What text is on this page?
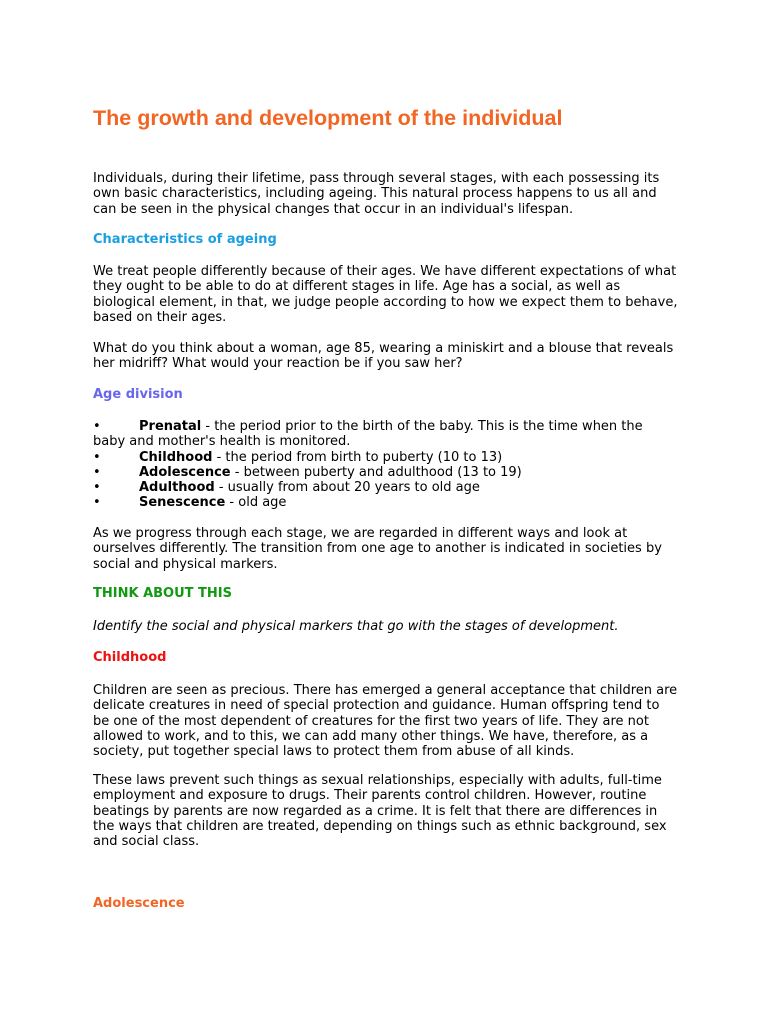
The growth and development of the individual

Individuals, during their lifetime, pass through several stages, with each possessing its
own basic characteristics, including ageing. This natural process happens to us all and
can be seen in the physical changes that occur in an individual's lifespan.

Characteristics of ageing

We treat people differently because of their ages. We have different expectations of what
they ought to be able to do at different stages in life. Age has a social, as well as
biological element, in that, we judge people according to how we expect them to behave,
based on their ages.

What do you think about a woman, age 85, wearing a miniskirt and a blouse that reveals
her midriff? What would your reaction be if you saw her?

Age division
•	Prenatal - the period prior to the birth of the baby. This is the time when the
baby and mother's health is monitored.
•	Childhood - the period from birth to puberty (10 to 13)
•	Adolescence - between puberty and adulthood (13 to 19)
•	Adulthood - usually from about 20 years to old age
•	Senescence - old age

As we progress through each stage, we are regarded in different ways and look at
ourselves differently. The transition from one age to another is indicated in societies by
social and physical markers.

THINK ABOUT THIS

Identify the social and physical markers that go with the stages of development.

Childhood

Children are seen as precious. There has emerged a general acceptance that children are
delicate creatures in need of special protection and guidance. Human offspring tend to
be one of the most dependent of creatures for the first two years of life. They are not
allowed to work, and to this, we can add many other things. We have, therefore, as a
society, put together special laws to protect them from abuse of all kinds.

These laws prevent such things as sexual relationships, especially with adults, full-time
employment and exposure to drugs. Their parents control children. However, routine
beatings by parents are now regarded as a crime. It is felt that there are differences in
the ways that children are treated, depending on things such as ethnic background, sex
and social class.

Adolescence
